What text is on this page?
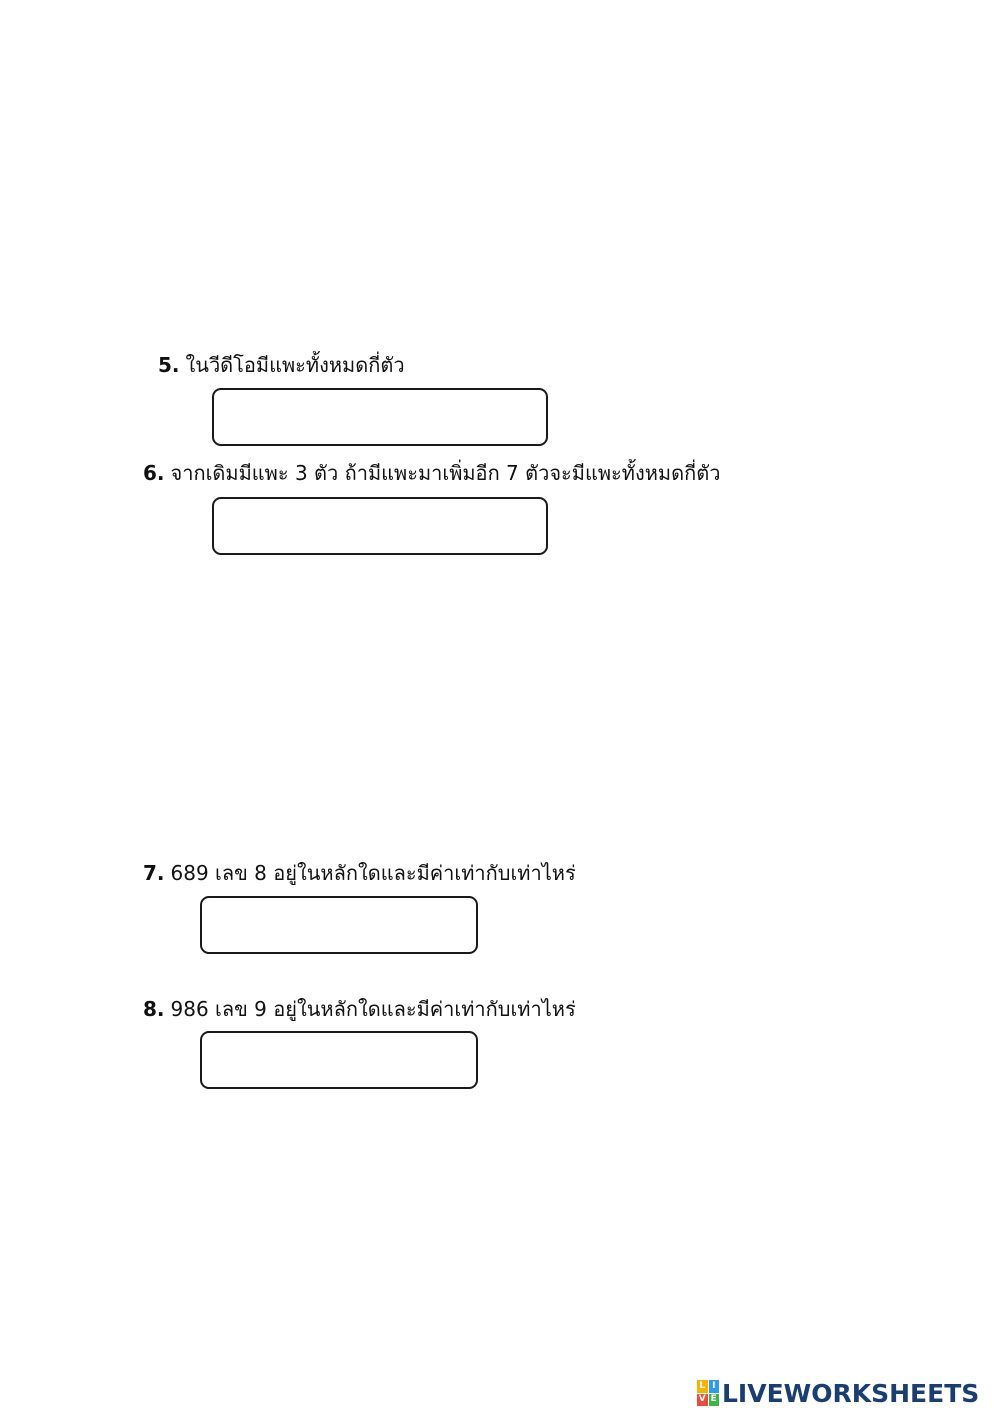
5. ในวีดีโอมีแพะทั้งหมดกี่ตัว
6. จากเดิมมีแพะ 3 ตัว ถ้ามีแพะมาเพิ่มอีก 7 ตัวจะมีแพะทั้งหมดกี่ตัว
7. 689 เลข 8 อยู่ในหลักใดและมีค่าเท่ากับเท่าไหร่
8. 986 เลข 9 อยู่ในหลักใดและมีค่าเท่ากับเท่าไหร่
L I
V E LIVEWORKSHEETS
